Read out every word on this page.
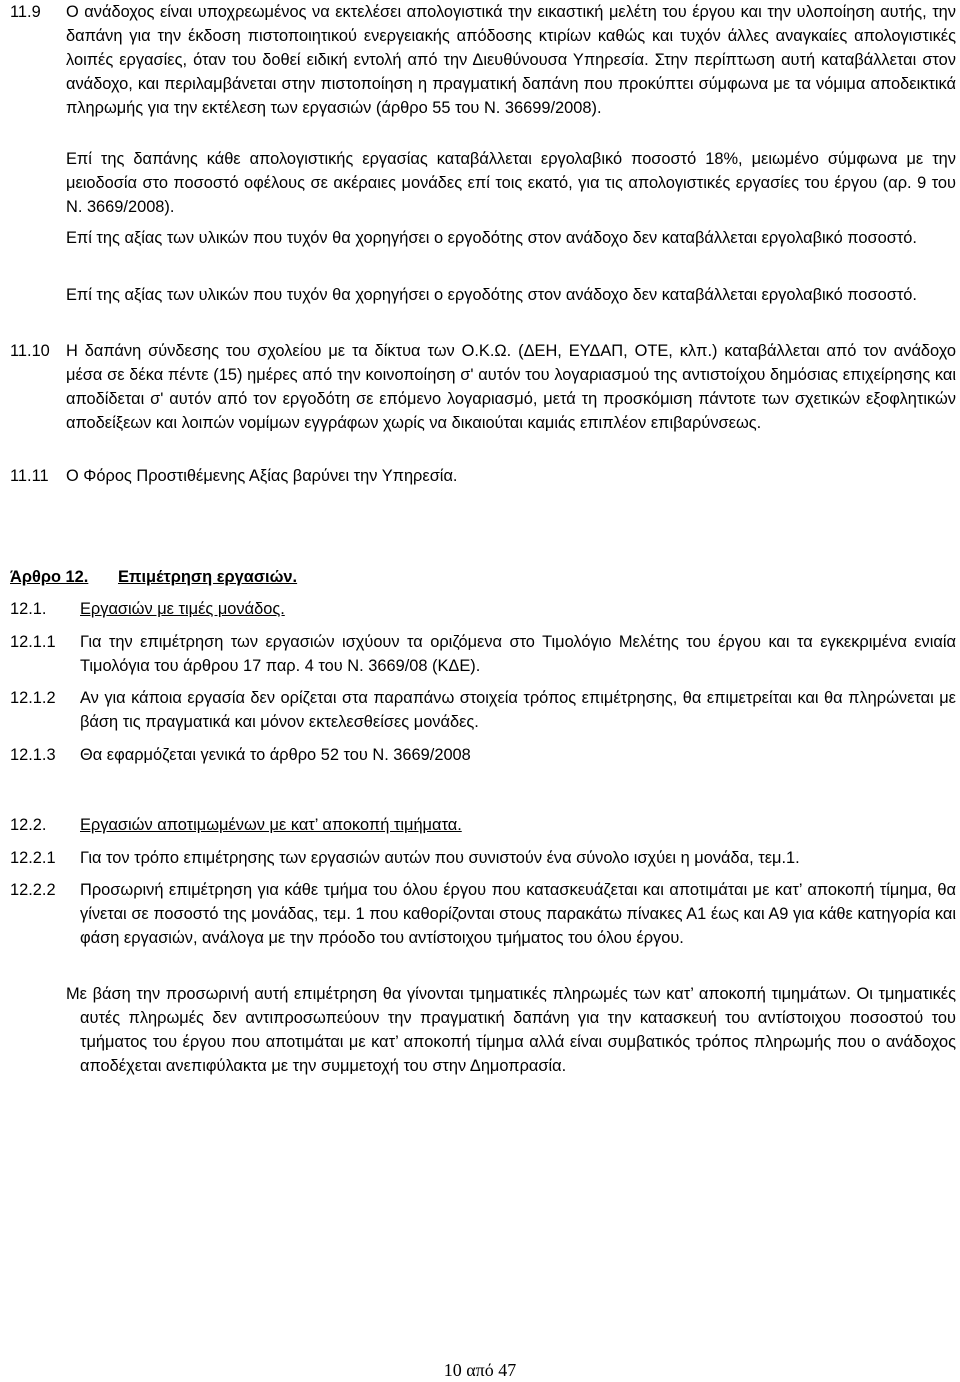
11.9 Ο ανάδοχος είναι υποχρεωμένος να εκτελέσει απολογιστικά την εικαστική μελέτη του έργου και την υλοποίηση αυτής, την δαπάνη για την έκδοση πιστοποιητικού ενεργειακής απόδοσης κτιρίων καθώς και τυχόν άλλες αναγκαίες απολογιστικές λοιπές εργασίες, όταν του δοθεί ειδική εντολή από την Διευθύνουσα Υπηρεσία. Στην περίπτωση αυτή καταβάλλεται στον ανάδοχο, και περιλαμβάνεται στην πιστοποίηση η πραγματική δαπάνη που προκύπτει σύμφωνα με τα νόμιμα αποδεικτικά πληρωμής για την εκτέλεση των εργασιών (άρθρο 55 του Ν. 36699/2008).
Επί της δαπάνης κάθε απολογιστικής εργασίας καταβάλλεται εργολαβικό ποσοστό 18%, μειωμένο σύμφωνα με την μειοδοσία στο ποσοστό οφέλους σε ακέραιες μονάδες επί τοις εκατό, για τις απολογιστικές εργασίες του έργου (αρ. 9 του Ν. 3669/2008).
Επί της αξίας των υλικών που τυχόν θα χορηγήσει ο εργοδότης στον ανάδοχο δεν καταβάλλεται εργολαβικό ποσοστό.
Επί της αξίας των υλικών που τυχόν θα χορηγήσει ο εργοδότης στον ανάδοχο δεν καταβάλλεται εργολαβικό ποσοστό.
11.10 Η δαπάνη σύνδεσης του σχολείου με τα δίκτυα των Ο.Κ.Ω. (ΔΕΗ, ΕΥΔΑΠ, ΟΤΕ, κλπ.) καταβάλλεται από τον ανάδοχο μέσα σε δέκα πέντε (15) ημέρες από την κοινοποίηση σ' αυτόν του λογαριασμού της αντιστοίχου δημόσιας επιχείρησης και αποδίδεται σ' αυτόν από τον εργοδότη σε επόμενο λογαριασμό, μετά τη προσκόμιση πάντοτε των σχετικών εξοφλητικών αποδείξεων και λοιπών νομίμων εγγράφων χωρίς να δικαιούται καμιάς επιπλέον επιβαρύνσεως.
11.11 Ο Φόρος Προστιθέμενης Αξίας βαρύνει την Υπηρεσία.
Άρθρο 12. Επιμέτρηση εργασιών.
12.1. Εργασιών με τιμές μονάδος.
12.1.1 Για την επιμέτρηση των εργασιών ισχύουν τα οριζόμενα στο Τιμολόγιο Μελέτης του έργου και τα εγκεκριμένα ενιαία Τιμολόγια του άρθρου 17 παρ. 4 του Ν. 3669/08 (ΚΔΕ).
12.1.2 Αν για κάποια εργασία δεν ορίζεται στα παραπάνω στοιχεία τρόπος επιμέτρησης, θα επιμετρείται και θα πληρώνεται με βάση τις πραγματικά και μόνον εκτελεσθείσες μονάδες.
12.1.3 Θα εφαρμόζεται γενικά το άρθρο 52 του Ν. 3669/2008
12.2. Εργασιών αποτιμωμένων με κατ’ αποκοπή τιμήματα.
12.2.1 Για τον τρόπο επιμέτρησης των εργασιών αυτών που συνιστούν ένα σύνολο ισχύει η μονάδα, τεμ.1.
12.2.2 Προσωρινή επιμέτρηση για κάθε τμήμα του όλου έργου που κατασκευάζεται και αποτιμάται με κατ’ αποκοπή τίμημα, θα γίνεται σε ποσοστό της μονάδας, τεμ. 1 που καθορίζονται στους παρακάτω πίνακες Α1 έως και Α9 για κάθε κατηγορία και φάση εργασιών, ανάλογα με την πρόοδο του αντίστοιχου τμήματος του όλου έργου.
Με βάση την προσωρινή αυτή επιμέτρηση θα γίνονται τμηματικές πληρωμές των κατ’ αποκοπή τιμημάτων. Οι τμηματικές αυτές πληρωμές δεν αντιπροσωπεύουν την πραγματική δαπάνη για την κατασκευή του αντίστοιχου ποσοστού του τμήματος του έργου που αποτιμάται με κατ’ αποκοπή τίμημα αλλά είναι συμβατικός τρόπος πληρωμής που ο ανάδοχος αποδέχεται ανεπιφύλακτα με την συμμετοχή του στην Δημοπρασία.
10 από 47
